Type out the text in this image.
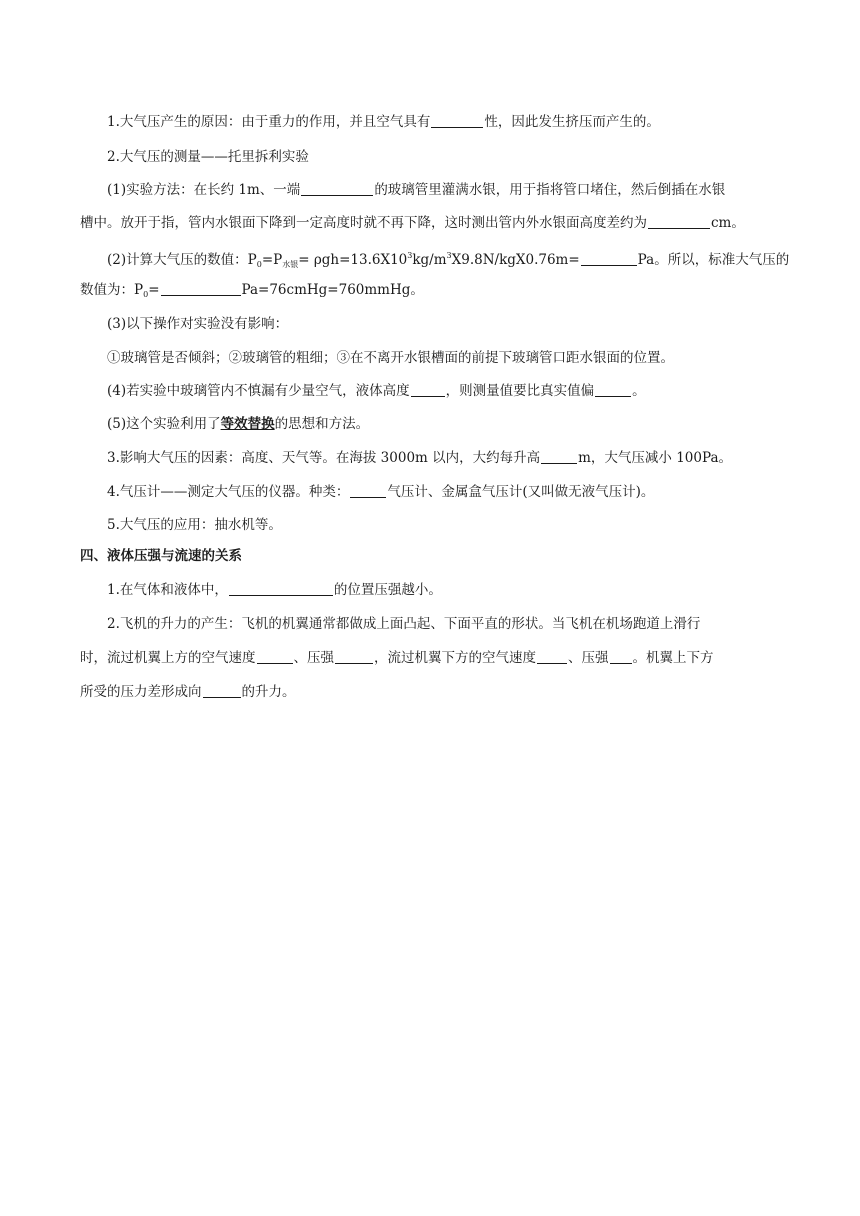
1.大气压产生的原因：由于重力的作用，并且空气具有	性，因此发生挤压而产生的。
2.大气压的测量——托里拆利实验
(1)实验方法：在长约 1m、一端	的玻璃管里灌满水银，用于指将管口堵住，然后倒插在水银
槽中。放开于指，管内水银面下降到一定高度时就不再下降，这时测出管内外水银面高度差约为	cm。
(2)计算大气压的数值：$P_0=P_{水银}= \rho gh=13.6X10^3kg/m^3X9.8N/kgX0.76m=$	Pa。所以，标准大气压的
数值为：$P_0=$	Pa=76cmHg=760mmHg。
(3)以下操作对实验没有影响：
①玻璃管是否倾斜；②玻璃管的粗细；③在不离开水银槽面的前提下玻璃管口距水银面的位置。
(4)若实验中玻璃管内不慎漏有少量空气，液体高度	，则测量值要比真实值偏	。
(5)这个实验利用了等效替换的思想和方法。
3.影响大气压的因素：高度、天气等。在海拔 3000m 以内，大约每升高	m，大气压减小 100Pa。
4.气压计——测定大气压的仪器。种类：	气压计、金属盒气压计(又叫做无液气压计)。
5.大气压的应用：抽水机等。
四、液体压强与流速的关系
1.在气体和液体中，	的位置压强越小。
2.飞机的升力的产生：飞机的机翼通常都做成上面凸起、下面平直的形状。当飞机在机场跑道上滑行
时，流过机翼上方的空气速度	、压强	，流过机翼下方的空气速度 、压强 。机翼上下方
所受的压力差形成向	的升力。
